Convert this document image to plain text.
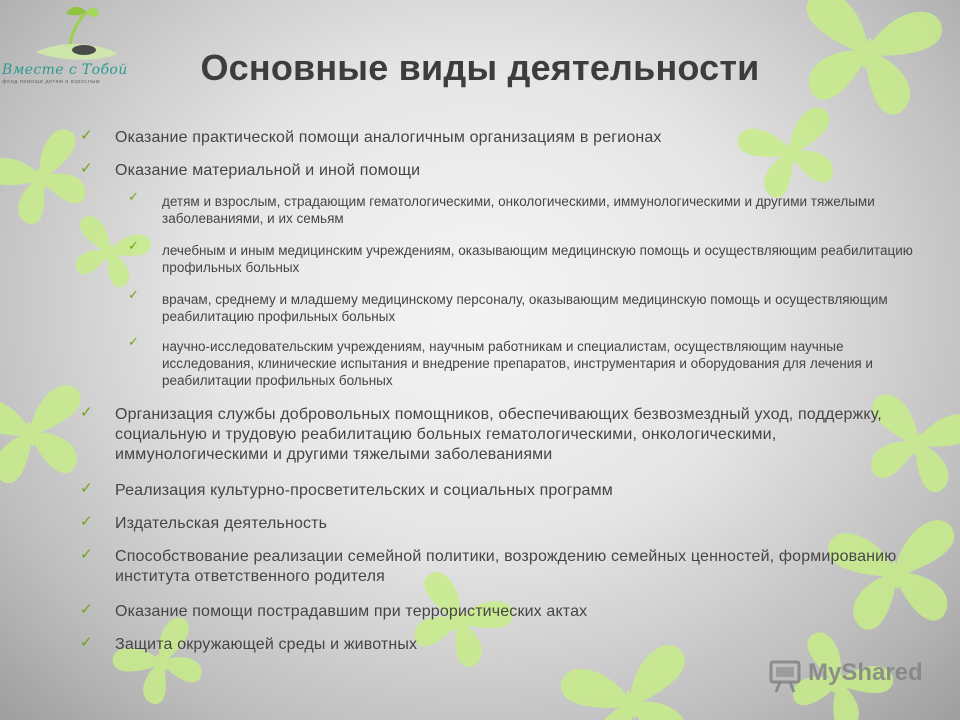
Вместе с Тобой
фонд помощи детям и взрослым	Основные виды деятельности
✓ Оказание практической помощи аналогичным организациям в регионах
✓ Оказание материальной и иной помощи
✓ детям и взрослым, страдающим гематологическими, онкологическими, иммунологическими и другими тяжелыми заболеваниями, и их семьям
✓ лечебным и иным медицинским учреждениям, оказывающим медицинскую помощь и осуществляющим реабилитацию профильных больных
✓ врачам, среднему и младшему медицинскому персоналу, оказывающим медицинскую помощь и осуществляющим реабилитацию профильных больных
✓ научно-исследовательским учреждениям, научным работникам и специалистам, осуществляющим научные исследования, клинические испытания и внедрение препаратов, инструментария и оборудования для лечения и реабилитации профильных больных
✓ Организация службы добровольных помощников, обеспечивающих безвозмездный уход, поддержку, социальную и трудовую реабилитацию больных гематологическими, онкологическими, иммунологическими и другими тяжелыми заболеваниями
✓ Реализация культурно-просветительских и социальных программ
✓ Издательская деятельность
✓ Способствование реализации семейной политики, возрождению семейных ценностей, формированию института ответственного родителя
✓ Оказание помощи пострадавшим при террористических актах
✓ Защита окружающей среды и животных
MyShared
